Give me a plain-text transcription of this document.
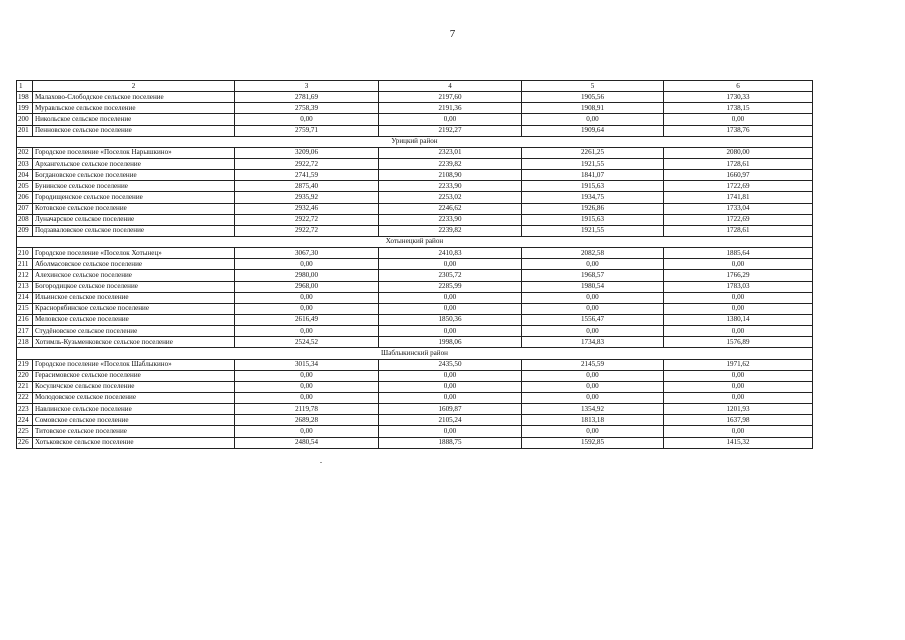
7
1	2	3	4	5	6
198	Малахово-Слободское сельское поселение	2781,69	2197,60	1905,56	1730,33
199	Муравльское сельское поселение	2758,39	2191,36	1908,91	1738,15
200	Никольское сельское поселение	0,00	0,00	0,00	0,00
201	Пенновское сельское поселение	2759,71	2192,27	1909,64	1738,76
Урицкий район					
202	Городское поселение «Поселок Нарышкино»	3209,06	2323,01	2261,25	2080,00
203	Архангельское сельское поселение	2922,72	2239,82	1921,55	1728,61
204	Богдановское сельское поселение	2741,59	2108,90	1841,07	1660,97
205	Бунинское сельское поселение	2875,40	2233,90	1915,63	1722,69
206	Городищенское сельское поселение	2935,92	2253,02	1934,75	1741,81
207	Котовское сельское поселение	2932,46	2246,62	1926,86	1733,04
208	Луначарское сельское поселение	2922,72	2233,90	1915,63	1722,69
209	Подзаваловское сельское поселение	2922,72	2239,82	1921,55	1728,61
Хотынецкий район					
210	Городское поселение «Поселок Хотынец»	3067,30	2410,83	2082,58	1885,64
211	Аболмасовское сельское поселение	0,00	0,00	0,00	0,00
212	Алехинское сельское поселение	2980,00	2305,72	1968,57	1766,29
213	Богородицкое сельское поселение	2968,00	2285,99	1980,54	1783,03
214	Ильинское сельское поселение	0,00	0,00	0,00	0,00
215	Краснорябинское сельское поселение	0,00	0,00	0,00	0,00
216	Меловское сельское поселение	2616,49	1850,36	1556,47	1380,14
217	Студёновское сельское поселение	0,00	0,00	0,00	0,00
218	Хотимль-Кузьменковское сельское поселение	2524,52	1998,06	1734,83	1576,89
Шаблыкинский район					
219	Городское поселение «Поселок Шаблыкино»	3015,34	2435,50	2145,59	1971,62
220	Герасимовское сельское поселение	0,00	0,00	0,00	0,00
221	Косуличское сельское поселение	0,00	0,00	0,00	0,00
222	Молодовское сельское поселение	0,00	0,00	0,00	0,00
223	Навлинское сельское поселение	2119,78	1609,87	1354,92	1201,93
224	Сомовское сельское поселение	2689,28	2105,24	1813,18	1637,98
225	Титовское сельское поселение	0,00	0,00	0,00	0,00
226	Хотьковское сельское поселение	2480,54	1888,75	1592,85	1415,32
